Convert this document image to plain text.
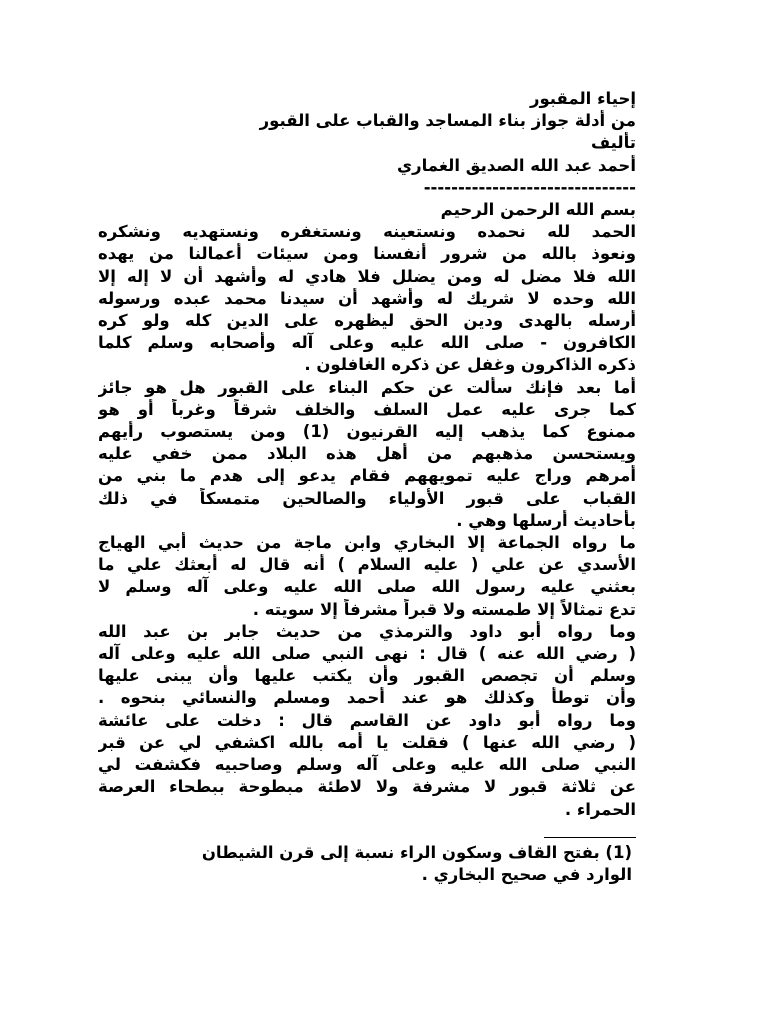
إحياء المقبور
من أدلة جواز بناء المساجد والقباب على القبور
تأليف
أحمد عبد الله الصديق الغماري
-------------------------------
بسم الله الرحمن الرحيم
الحمد لله نحمده ونستعينه ونستغفره ونستهديه ونشكره
ونعوذ بالله من شرور أنفسنا ومن سيئات أعمالنا من يهده
الله فلا مضل له ومن يضلل فلا هادي له وأشهد أن لا إله إلا
الله وحده لا شريك له وأشهد أن سيدنا محمد عبده ورسوله
أرسله بالهدى ودين الحق ليظهره على الدين كله ولو كره
الكافرون - صلى الله عليه وعلى آله وأصحابه وسلم كلما
ذكره الذاكرون وغفل عن ذكره الغافلون .
أما بعد فإنك سألت عن حكم البناء على القبور هل هو جائز
كما جرى عليه عمل السلف والخلف شرقاً وغرباً أو هو
ممنوع كما يذهب إليه القرنيون (1) ومن يستصوب رأيهم
ويستحسن مذهبهم من أهل هذه البلاد ممن خفي عليه
أمرهم وراج عليه تمويههم فقام يدعو إلى هدم ما بني من
القباب على قبور الأولياء والصالحين متمسكاً في ذلك
بأحاديث أرسلها وهي .
ما رواه الجماعة إلا البخاري وابن ماجة من حديث أبي الهياج
الأسدي عن علي ( عليه السلام ) أنه قال له أبعثك علي ما
بعثني عليه رسول الله صلى الله عليه وعلى آله وسلم لا
تدع تمثالاً إلا طمسته ولا قبراً مشرفاً إلا سويته .
وما رواه أبو داود والترمذي من حديث جابر بن عبد الله
( رضي الله عنه ) قال : نهى النبي صلى الله عليه وعلى آله
وسلم أن تجصص القبور وأن يكتب عليها وأن يبنى عليها
وأن توطأ وكذلك هو عند أحمد ومسلم والنسائي بنحوه .
وما رواه أبو داود عن القاسم قال : دخلت على عائشة
( رضي الله عنها ) فقلت يا أمه بالله اكشفي لي عن قبر
النبي صلى الله عليه وعلى آله وسلم وصاحبيه فكشفت لي
عن ثلاثة قبور لا مشرفة ولا لاطئة مبطوحة ببطحاء العرصة
الحمراء .
(1) بفتح القاف وسكون الراء نسبة إلى قرن الشيطان
الوارد في صحيح البخاري .
